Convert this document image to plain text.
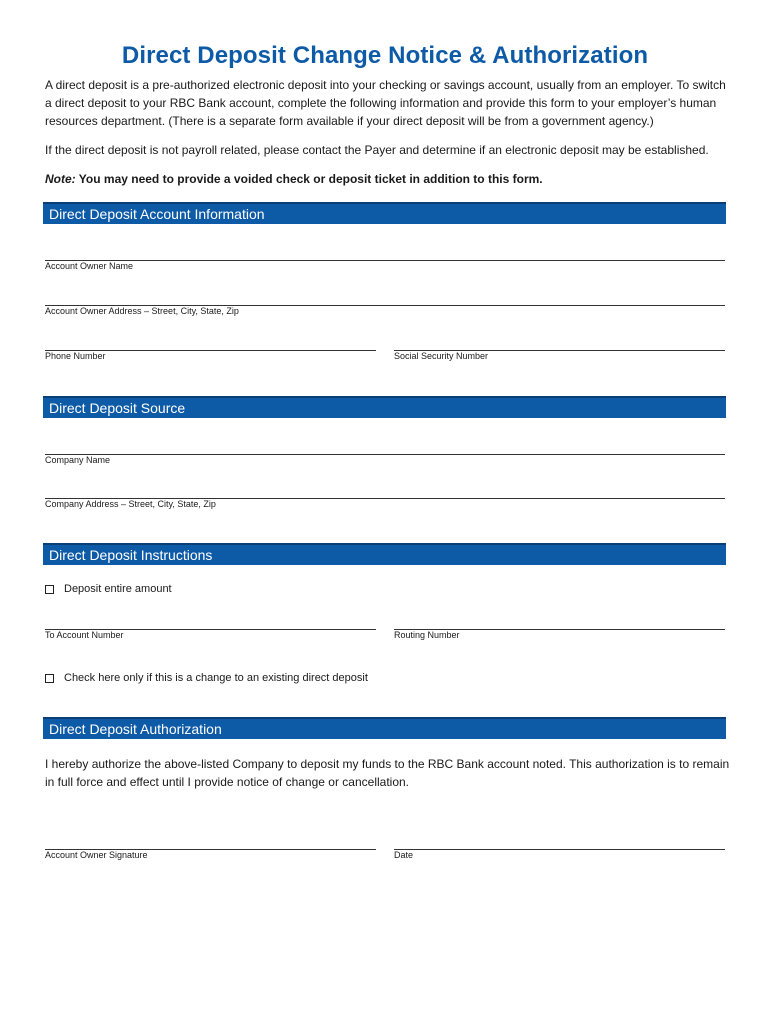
Direct Deposit Change Notice & Authorization
A direct deposit is a pre-authorized electronic deposit into your checking or savings account, usually from an employer. To switch a direct deposit to your RBC Bank account, complete the following information and provide this form to your employer’s human resources department. (There is a separate form available if your direct deposit will be from a government agency.)
If the direct deposit is not payroll related, please contact the Payer and determine if an electronic deposit may be established.
Note: You may need to provide a voided check or deposit ticket in addition to this form.
Direct Deposit Account Information
Account Owner Name
Account Owner Address – Street, City, State, Zip
Phone Number	Social Security Number
Direct Deposit Source
Company Name
Company Address – Street, City, State, Zip
Direct Deposit Instructions
Deposit entire amount
To Account Number	Routing Number
Check here only if this is a change to an existing direct deposit
Direct Deposit Authorization
I hereby authorize the above-listed Company to deposit my funds to the RBC Bank account noted. This authorization is to remain in full force and effect until I provide notice of change or cancellation.
Account Owner Signature	Date
